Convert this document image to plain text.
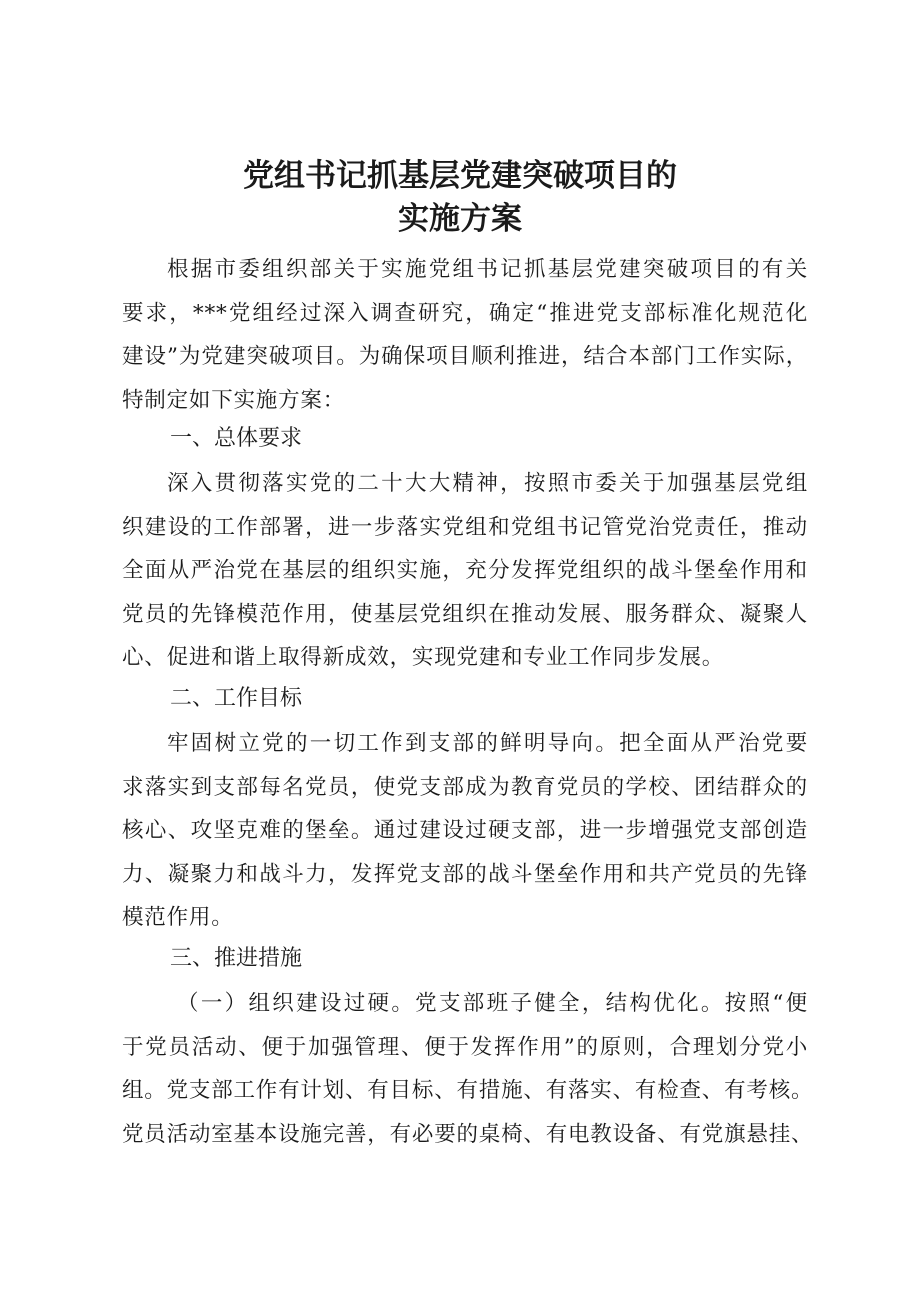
党组书记抓基层党建突破项目的
实施方案
根据市委组织部关于实施党组书记抓基层党建突破项目的有关
要求，***党组经过深入调查研究，确定“推进党支部标准化规范化
建设”为党建突破项目。为确保项目顺利推进，结合本部门工作实际，
特制定如下实施方案：
一、总体要求
深入贯彻落实党的二十大大精神，按照市委关于加强基层党组
织建设的工作部署，进一步落实党组和党组书记管党治党责任，推动
全面从严治党在基层的组织实施，充分发挥党组织的战斗堡垒作用和
党员的先锋模范作用，使基层党组织在推动发展、服务群众、凝聚人
心、促进和谐上取得新成效，实现党建和专业工作同步发展。
二、工作目标
牢固树立党的一切工作到支部的鲜明导向。把全面从严治党要
求落实到支部每名党员，使党支部成为教育党员的学校、团结群众的
核心、攻坚克难的堡垒。通过建设过硬支部，进一步增强党支部创造
力、凝聚力和战斗力，发挥党支部的战斗堡垒作用和共产党员的先锋
模范作用。
三、推进措施
（一）组织建设过硬。党支部班子健全，结构优化。按照“便
于党员活动、便于加强管理、便于发挥作用”的原则，合理划分党小
组。党支部工作有计划、有目标、有措施、有落实、有检查、有考核。
党员活动室基本设施完善，有必要的桌椅、有电教设备、有党旗悬挂、
